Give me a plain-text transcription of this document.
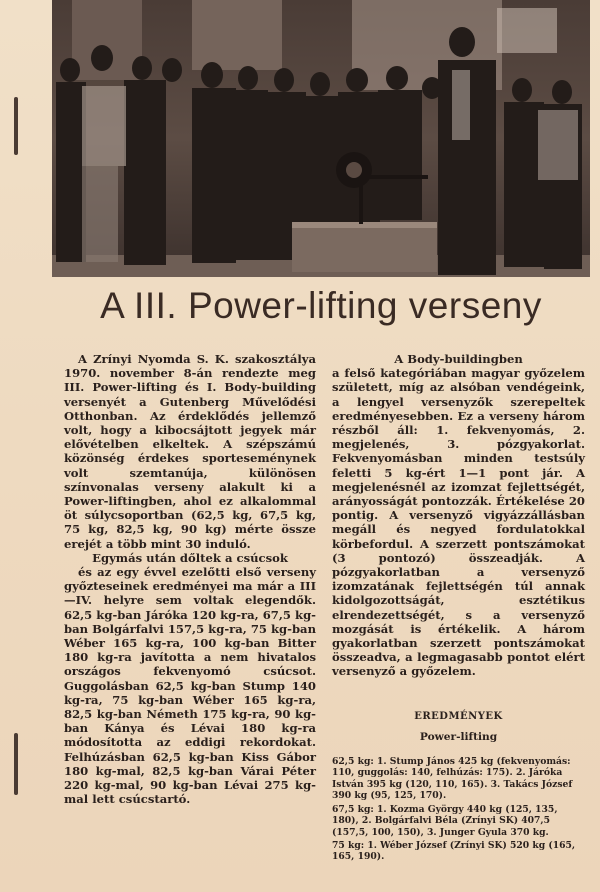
A III. Power-lifting verseny

A Zrínyi Nyomda S. K. szakosztálya 1970. november 8-án rendezte meg III. Power-lifting és I. Body-building versenyét a Gutenberg Művelődési Otthonban. Az érdeklődés jellemző volt, hogy a kibocsájtott jegyek már elővételben elkeltek. A szépszámú közönség érdekes sporteseménynek volt szemtanúja, különösen színvonalas verseny alakult ki a Power-liftingben, ahol ez alkalommal öt súlycsoportban (62,5 kg, 67,5 kg, 75 kg, 82,5 kg, 90 kg) mérte össze erejét a több mint 30 induló.

Egymás után dőltek a csúcsok

és az egy évvel ezelőtti első verseny győzteseinek eredményei ma már a III—IV. helyre sem voltak elegendők. 62,5 kg-ban Járóka 120 kg-ra, 67,5 kg-ban Bolgárfalvi 157,5 kg-ra, 75 kg-ban Wéber 165 kg-ra, 100 kg-ban Bitter 180 kg-ra javította a nem hivatalos országos fekvenyomó csúcsot. Guggolásban 62,5 kg-ban Stump 140 kg-ra, 75 kg-ban Wéber 165 kg-ra, 82,5 kg-ban Németh 175 kg-ra, 90 kg-ban Kánya és Lévai 180 kg-ra módosította az eddigi rekordokat. Felhúzásban 62,5 kg-ban Kiss Gábor 180 kg-mal, 82,5 kg-ban Várai Péter 220 kg-mal, 90 kg-ban Lévai 275 kg-mal lett csúcstartó.

A Body-buildingben

a felső kategóriában magyar győzelem született, míg az alsóban vendégeink, a lengyel versenyzők szerepeltek eredményesebben. Ez a verseny három részből áll: 1. fekvenyomás, 2. megjelenés, 3. pózgyakorlat. Fekvenyomásban minden testsúly feletti 5 kg-ért 1—1 pont jár. A megjelenésnél az izomzat fejlettségét, arányosságát pontozzák. Értékelése 20 pontig. A versenyző vigyázzállásban megáll és negyed fordulatokkal körbefordul. A szerzett pontszámokat (3 pontozó) összeadják. A pózgyakorlatban a versenyző izomzatának fejlettségén túl annak kidolgozottságát, esztétikus elrendezettségét, s a versenyző mozgását is értékelik. A három gyakorlatban szerzett pontszámokat összeadva, a legmagasabb pontot elért versenyző a győzelem.

EREDMÉNYEK
Power-lifting

62,5 kg: 1. Stump János 425 kg (fekvenyomás: 110, guggolás: 140, felhúzás: 175). 2. Járóka István 395 kg (120, 110, 165). 3. Takács József 390 kg (95, 125, 170).

67,5 kg: 1. Kozma György 440 kg (125, 135, 180), 2. Bolgárfalvi Béla (Zrínyi SK) 407,5 (157,5, 100, 150), 3. Junger Gyula 370 kg.

75 kg: 1. Wéber József (Zrínyi SK) 520 kg (165, 165, 190).
